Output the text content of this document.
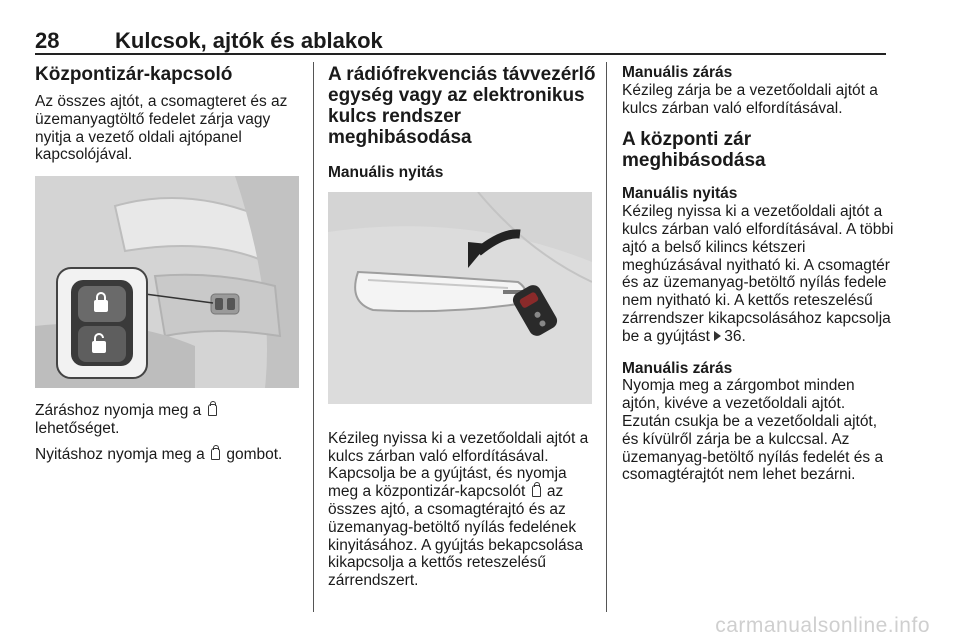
28	Kulcsok, ajtók és ablakok
Központizár-kapcsoló

Az összes ajtót, a csomagteret és az üzemanyagtöltő fedelet zárja vagy nyitja a vezető oldali ajtópanel kapcsolójával.

Záráshoz nyomja meg a
lehetőséget.

Nyitáshoz nyomja meg a gombot.

A rádiófrekvenciás távvezérlő egység vagy az elektronikus kulcs rendszer meghibásodása
Manuális nyitás

Kézileg nyissa ki a vezetőoldali ajtót a kulcs zárban való elfordításával. Kapcsolja be a gyújtást, és nyomja meg a központizár-kapcsolót az összes ajtó, a csomagtérajtó és az üzemanyag-betöltő nyílás fedelének kinyitásához. A gyújtás bekapcsolása kikapcsolja a kettős reteszelésű zárrendszert.

Manuális zárás

Kézileg zárja be a vezetőoldali ajtót a kulcs zárban való elfordításával.

A központi zár meghibásodása
Manuális nyitás

Kézileg nyissa ki a vezetőoldali ajtót a kulcs zárban való elfordításával. A többi ajtó a belső kilincs kétszeri meghúzásával nyitható ki. A csomagtér és az üzemanyag-betöltő nyílás fedele nem nyitható ki. A kettős reteszelésű zárrendszer kikapcsolásához kapcsolja be a gyújtást 36.

Manuális zárás

Nyomja meg a zárgombot minden ajtón, kivéve a vezetőoldali ajtót. Ezután csukja be a vezetőoldali ajtót, és kívülről zárja be a kulccsal. Az üzemanyag-betöltő nyílás fedelét és a csomagtérajtót nem lehet bezárni.

carmanualsonline.info
